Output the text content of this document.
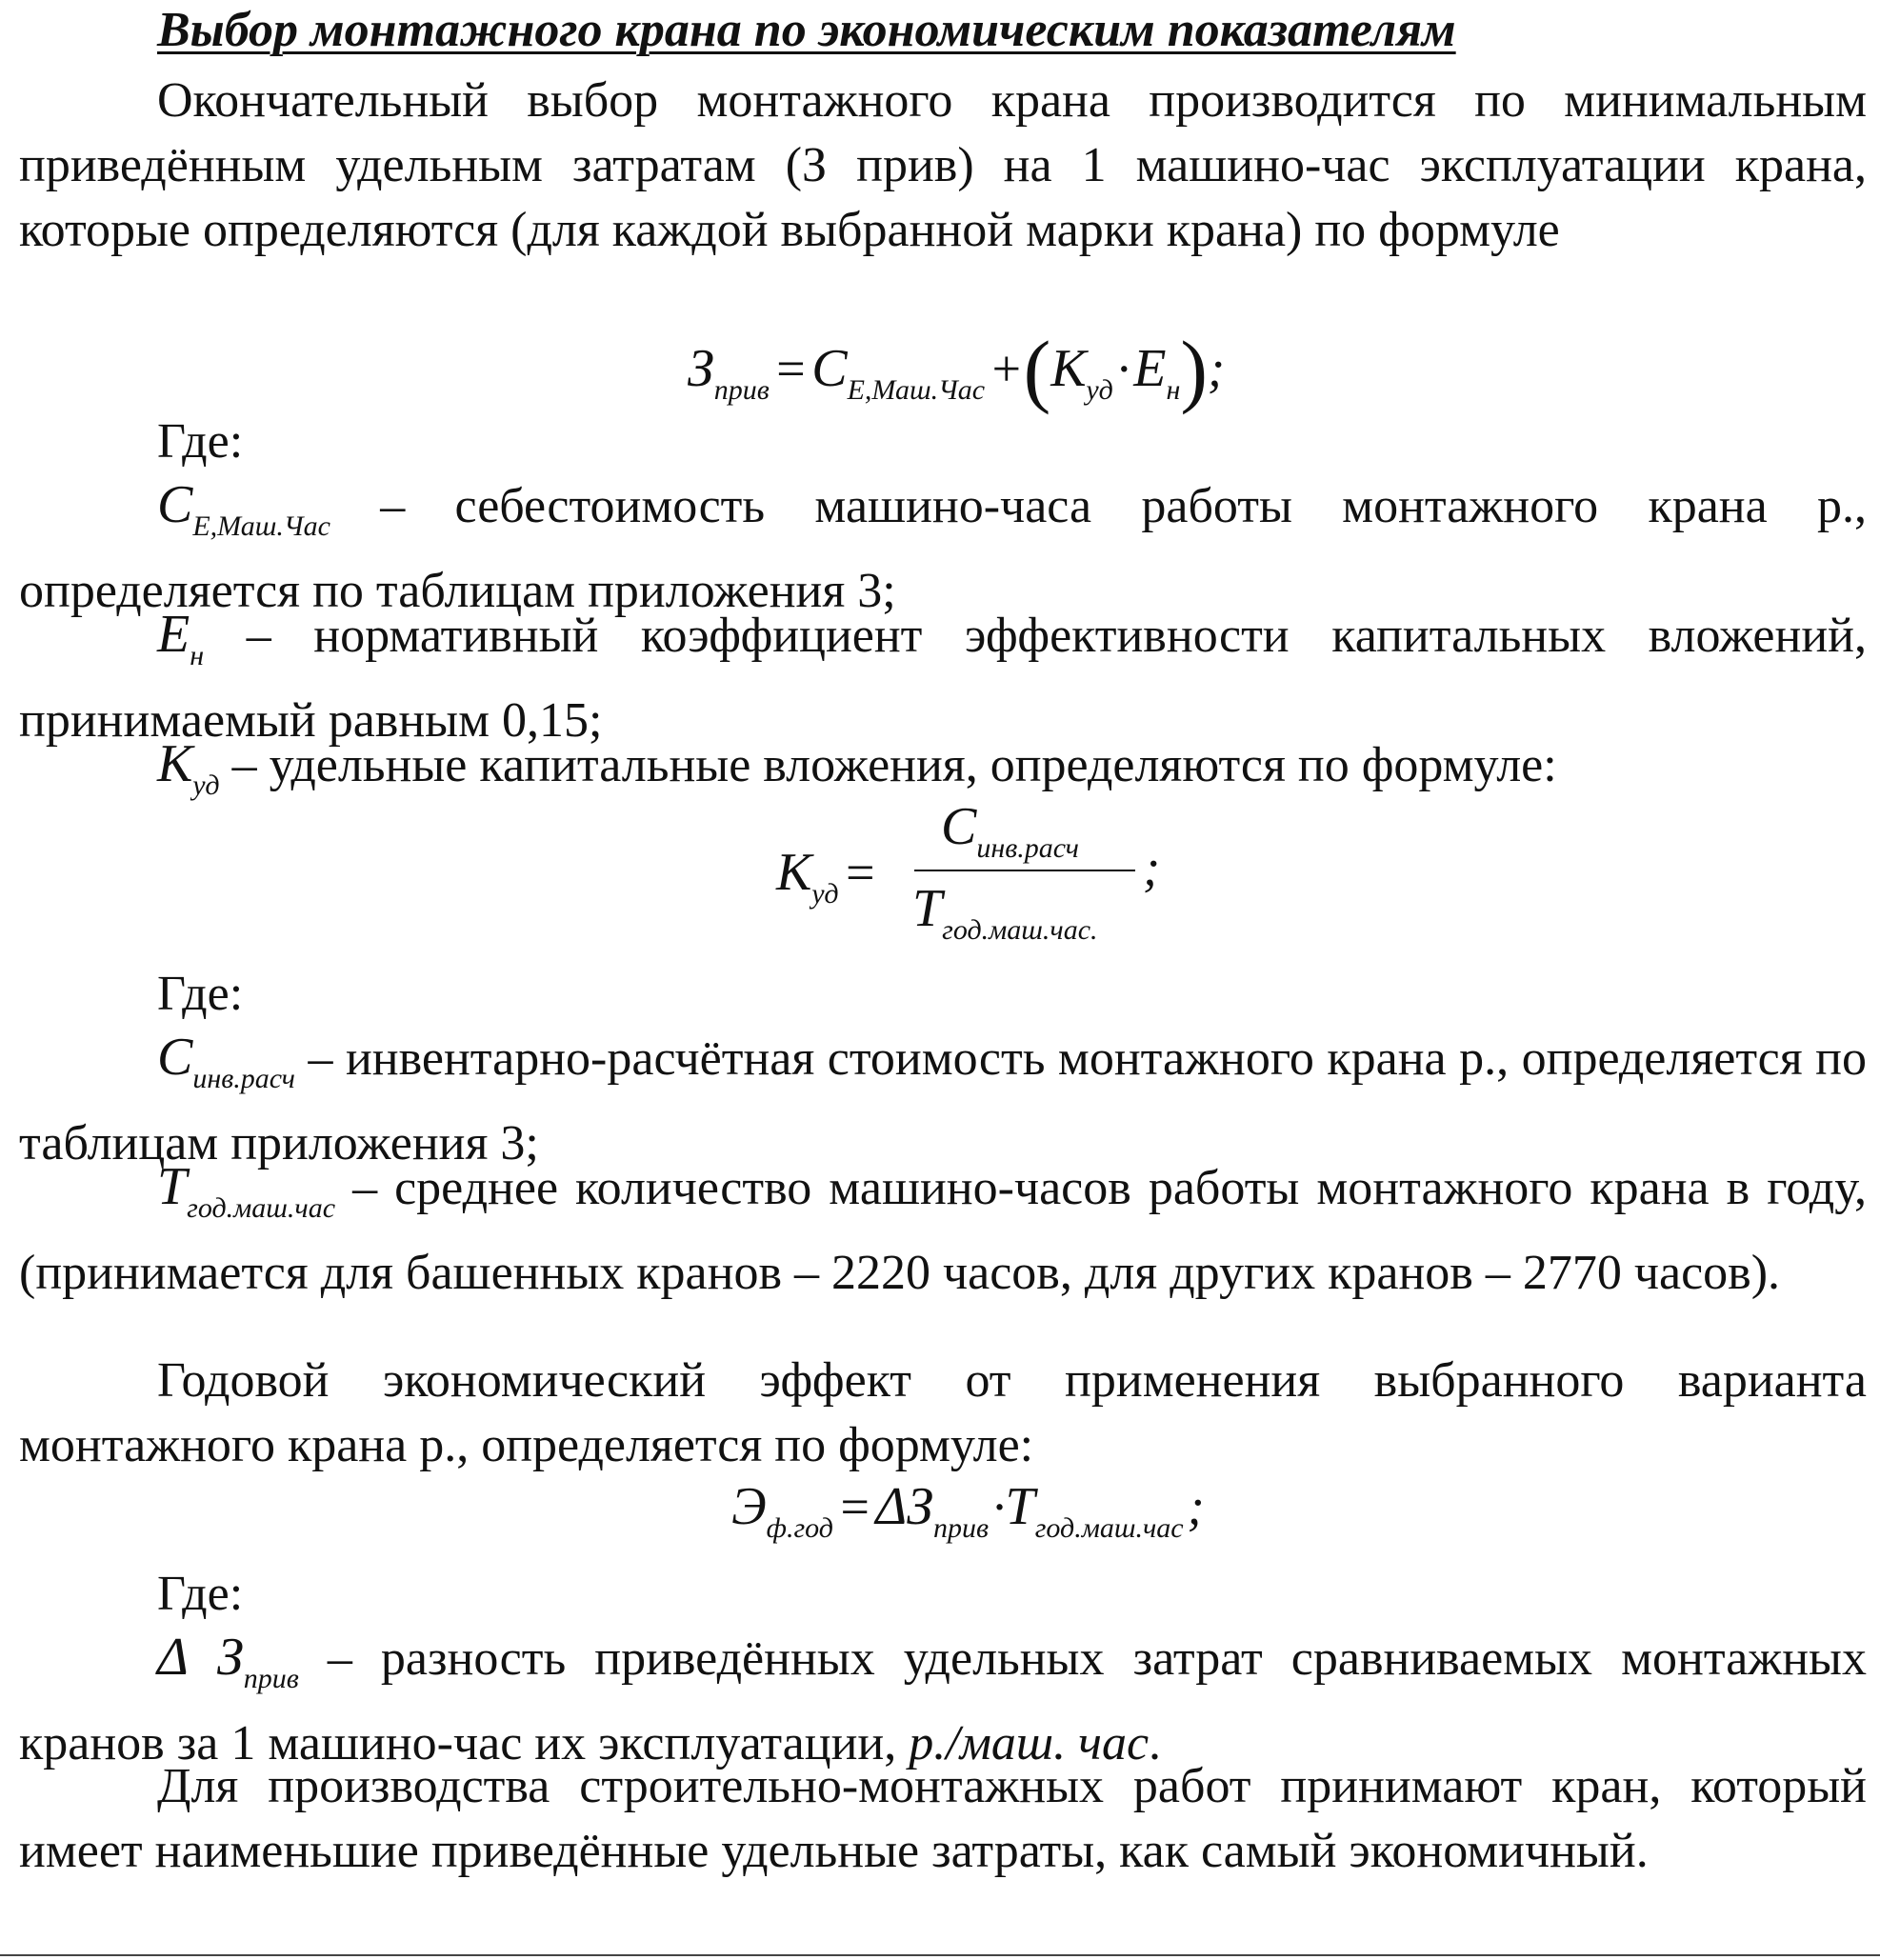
Выбор монтажного крана по экономическим показателям
Окончательный выбор монтажного крана производится по минимальным приведённым удельным затратам (З прив) на 1 машино-час эксплуатации крана, которые определяются (для каждой выбранной марки крана) по формуле
Зприв = CЕ,Маш.Час +(Куд · Ен);
Где:
$С_{Е,Маш.Час}$ – себестоимость машино-часа работы монтажного крана р., определяется по таблицам приложения 3;
$Е_н$ – нормативный коэффициент эффективности капитальных вложений, принимаемый равным 0,15;
$К_{уд}$ – удельные капитальные вложения, определяются по формуле:
Куд =
Синв.расч
Тгод.маш.час.
;
Где:
$С_{инв.расч}$ – инвентарно-расчётная стоимость монтажного крана р., определяется по таблицам приложения 3;
$Т_{год.маш.час}$ – среднее количество машино-часов работы монтажного крана в году, (принимается для башенных кранов – 2220 часов, для других кранов – 2770 часов).
Годовой экономический эффект от применения выбранного варианта монтажного крана р., определяется по формуле:
Эф.год = ΔЗприв ·Тгод.маш.час ;
Где:
Δ $З_{прив}$ – разность приведённых удельных затрат сравниваемых монтажных кранов за 1 машино-час их эксплуатации, р./маш. час.
Для производства строительно-монтажных работ принимают кран, который имеет наименьшие приведённые удельные затраты, как самый экономичный.
